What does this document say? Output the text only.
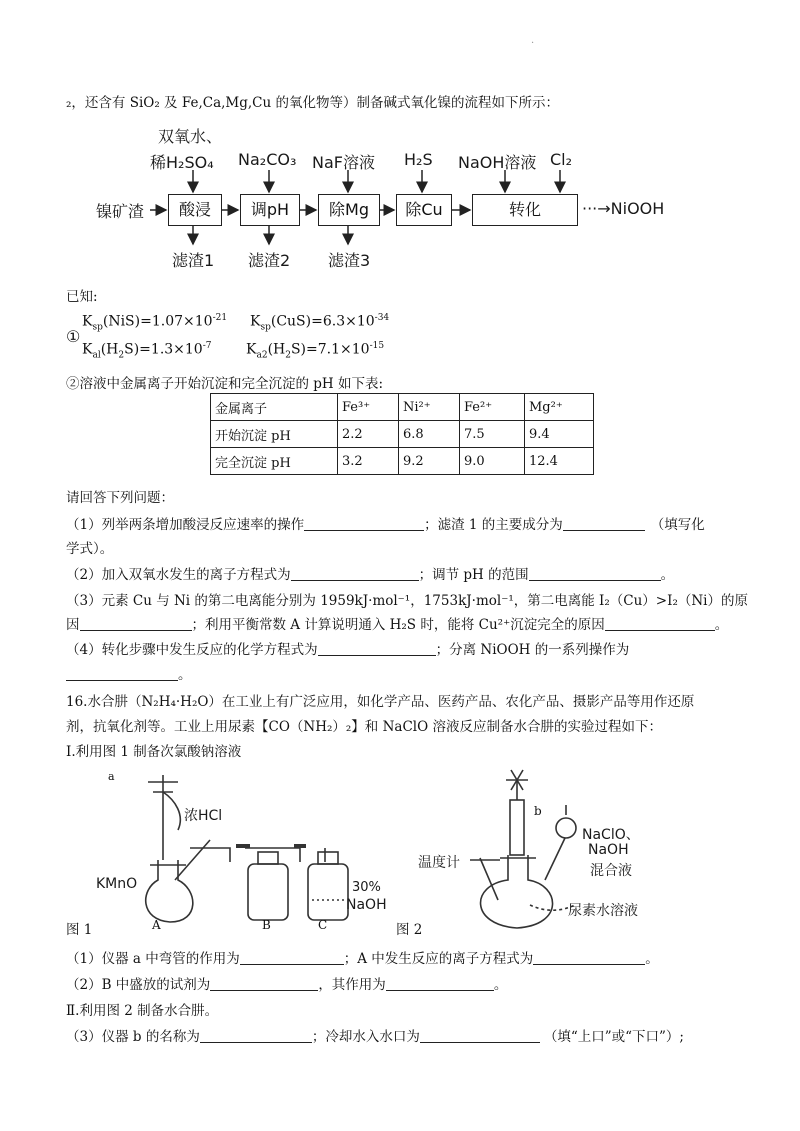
·
₂，还含有 SiO₂ 及 Fe,Ca,Mg,Cu 的氧化物等）制备碱式氧化镍的流程如下所示：
双氧水、
稀H₂SO₄ Na₂CO₃ NaF溶液 H₂S NaOH溶液 Cl₂
镍矿渣	酸浸	调pH	除Mg	除Cu	转化	···→NiOOH
滤渣1 滤渣2 滤渣3
已知:
①
$K_{sp}(NiS)=1.07\times 10^{-21}$ $K_{sp}(CuS)=6.3\times 10^{-34}$
$K_{al}(H_2S)=1.3\times 10^{-7}$ $K_{a2}(H_2S)=7.1\times 10^{-15}$
②溶液中金属离子开始沉淀和完全沉淀的 pH 如下表:
金属离子	Fe³⁺	Ni²⁺	Fe²⁺	Mg²⁺
开始沉淀 pH	2.2	6.8	7.5	9.4
完全沉淀 pH	3.2	9.2	9.0	12.4
请回答下列问题：
（1）列举两条增加酸浸反应速率的操作	；滤渣 1 的主要成分为	（填写化
学式）。
（2）加入双氧水发生的离子方程式为	；调节 pH 的范围	。
（3）元素 Cu 与 Ni 的第二电离能分别为 1959kJ·mol⁻¹，1753kJ·mol⁻¹，第二电离能 I₂（Cu）>I₂（Ni）的原
因	；利用平衡常数 A 计算说明通入 H₂S 时，能将 Cu²⁺沉淀完全的原因	。
（4）转化步骤中发生反应的化学方程式为	；分离 NiOOH 的一系列操作为
。
16.水合肼（N₂H₄·H₂O）在工业上有广泛应用，如化学产品、医药产品、农化产品、摄影产品等用作还原
剂，抗氧化剂等。工业上用尿素【CO（NH₂）₂】和 NaClO 溶液反应制备水合肼的实验过程如下：
I.利用图 1 制备次氯酸钠溶液
a
浓HCl
KMnO	30%
NaOH
A	B	C
图 1
b
温度计
NaClO、
NaOH
混合液
尿素水溶液
图 2
（1）仪器 a 中弯管的作用为	；A 中发生反应的离子方程式为	。
（2）B 中盛放的试剂为	，其作用为	。
Ⅱ.利用图 2 制备水合肼。
（3）仪器 b 的名称为	；冷却水入水口为	（填“上口”或“下口”）;
